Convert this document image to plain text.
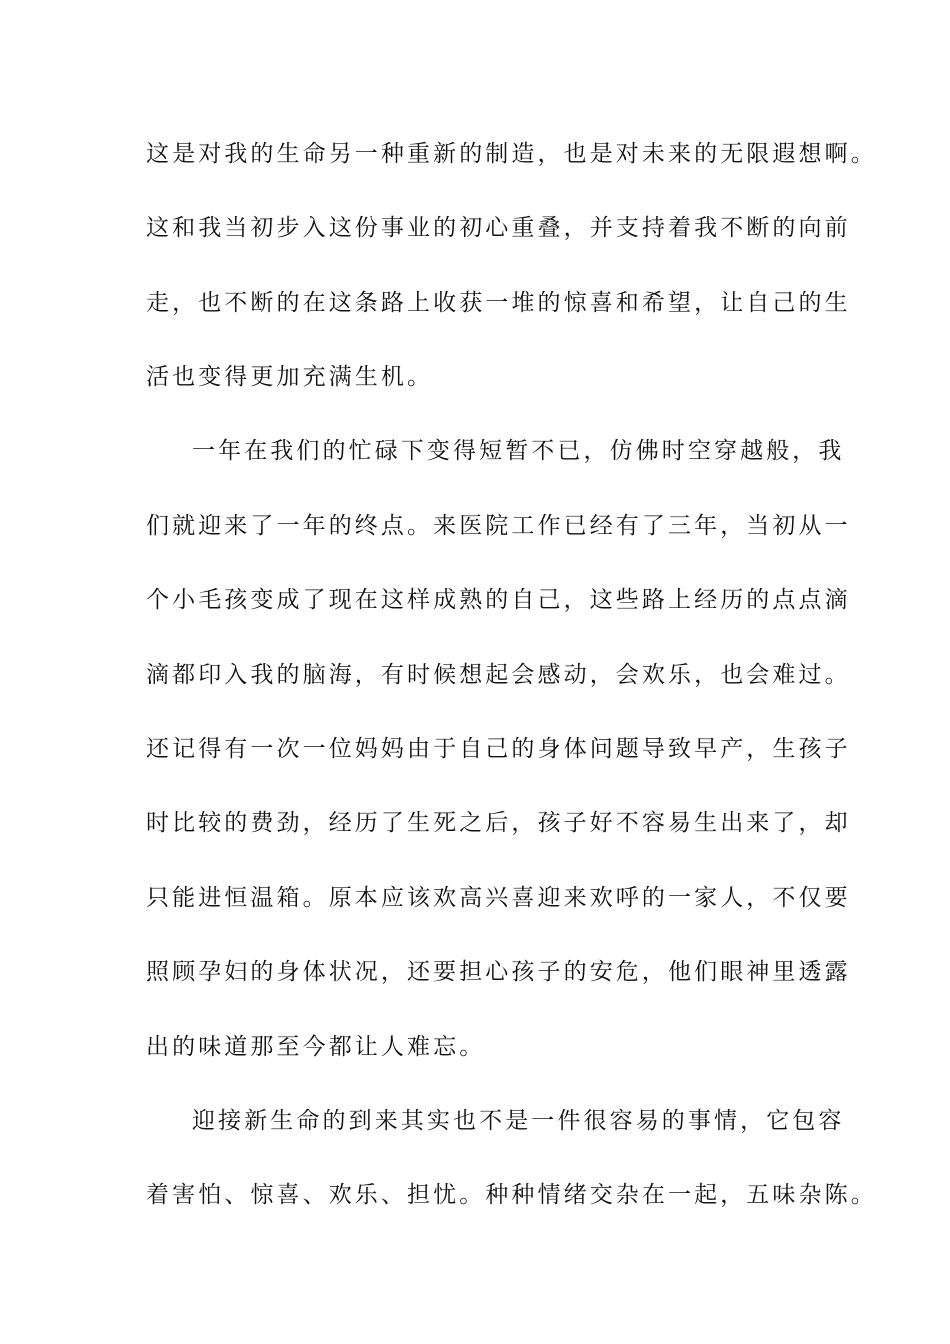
这是对我的生命另一种重新的制造，也是对未来的无限遐想啊。
这和我当初步入这份事业的初心重叠，并支持着我不断的向前
走，也不断的在这条路上收获一堆的惊喜和希望，让自己的生
活也变得更加充满生机。
一年在我们的忙碌下变得短暂不已，仿佛时空穿越般，我
们就迎来了一年的终点。来医院工作已经有了三年，当初从一
个小毛孩变成了现在这样成熟的自己，这些路上经历的点点滴
滴都印入我的脑海，有时候想起会感动，会欢乐，也会难过。
还记得有一次一位妈妈由于自己的身体问题导致早产，生孩子
时比较的费劲，经历了生死之后，孩子好不容易生出来了，却
只能进恒温箱。原本应该欢高兴喜迎来欢呼的一家人，不仅要
照顾孕妇的身体状况，还要担心孩子的安危，他们眼神里透露
出的味道那至今都让人难忘。
迎接新生命的到来其实也不是一件很容易的事情，它包容
着害怕、惊喜、欢乐、担忧。种种情绪交杂在一起，五味杂陈。
